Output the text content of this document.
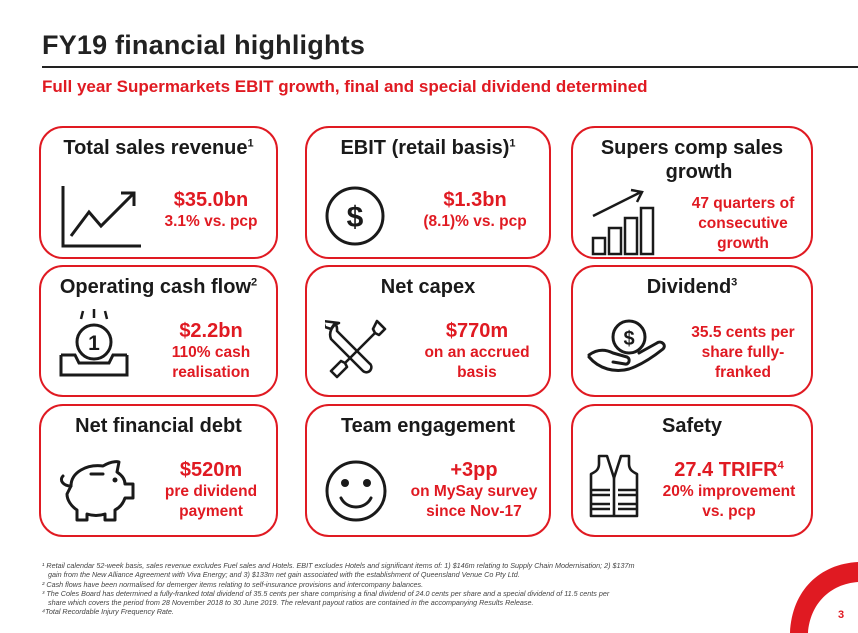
FY19 financial highlights
Full year Supermarkets EBIT growth, final and special dividend determined
Total sales revenue$^1$
$35.0bn
3.1% vs. pcp
EBIT (retail basis)$^1$
$
$1.3bn
(8.1)% vs. pcp
Supers comp sales
growth
47 quarters of
consecutive
growth
Operating cash flow$^2$
1
$2.2bn
110% cash
realisation
Net capex
$770m
on an accrued
basis
Dividend$^3$
$	35.5 cents per
share fully-
franked
Net financial debt
$520m
pre dividend
payment
Team engagement
+3pp
on MySay survey
since Nov-17
Safety
27.4 TRIFR$^4$
20% improvement
vs. pcp
¹ Retail calendar 52-week basis, sales revenue excludes Fuel sales and Hotels. EBIT excludes Hotels and significant items of: 1) $146m relating to Supply Chain Modernisation; 2) $137m
gain from the New Alliance Agreement with Viva Energy; and 3) $133m net gain associated with the establishment of Queensland Venue Co Pty Ltd.
² Cash flows have been normalised for demerger items relating to self-insurance provisions and intercompany balances.
³ The Coles Board has determined a fully-franked total dividend of 35.5 cents per share comprising a final dividend of 24.0 cents per share and a special dividend of 11.5 cents per
share which covers the period from 28 November 2018 to 30 June 2019. The relevant payout ratios are contained in the accompanying Results Release.
⁴Total Recordable Injury Frequency Rate.	3
